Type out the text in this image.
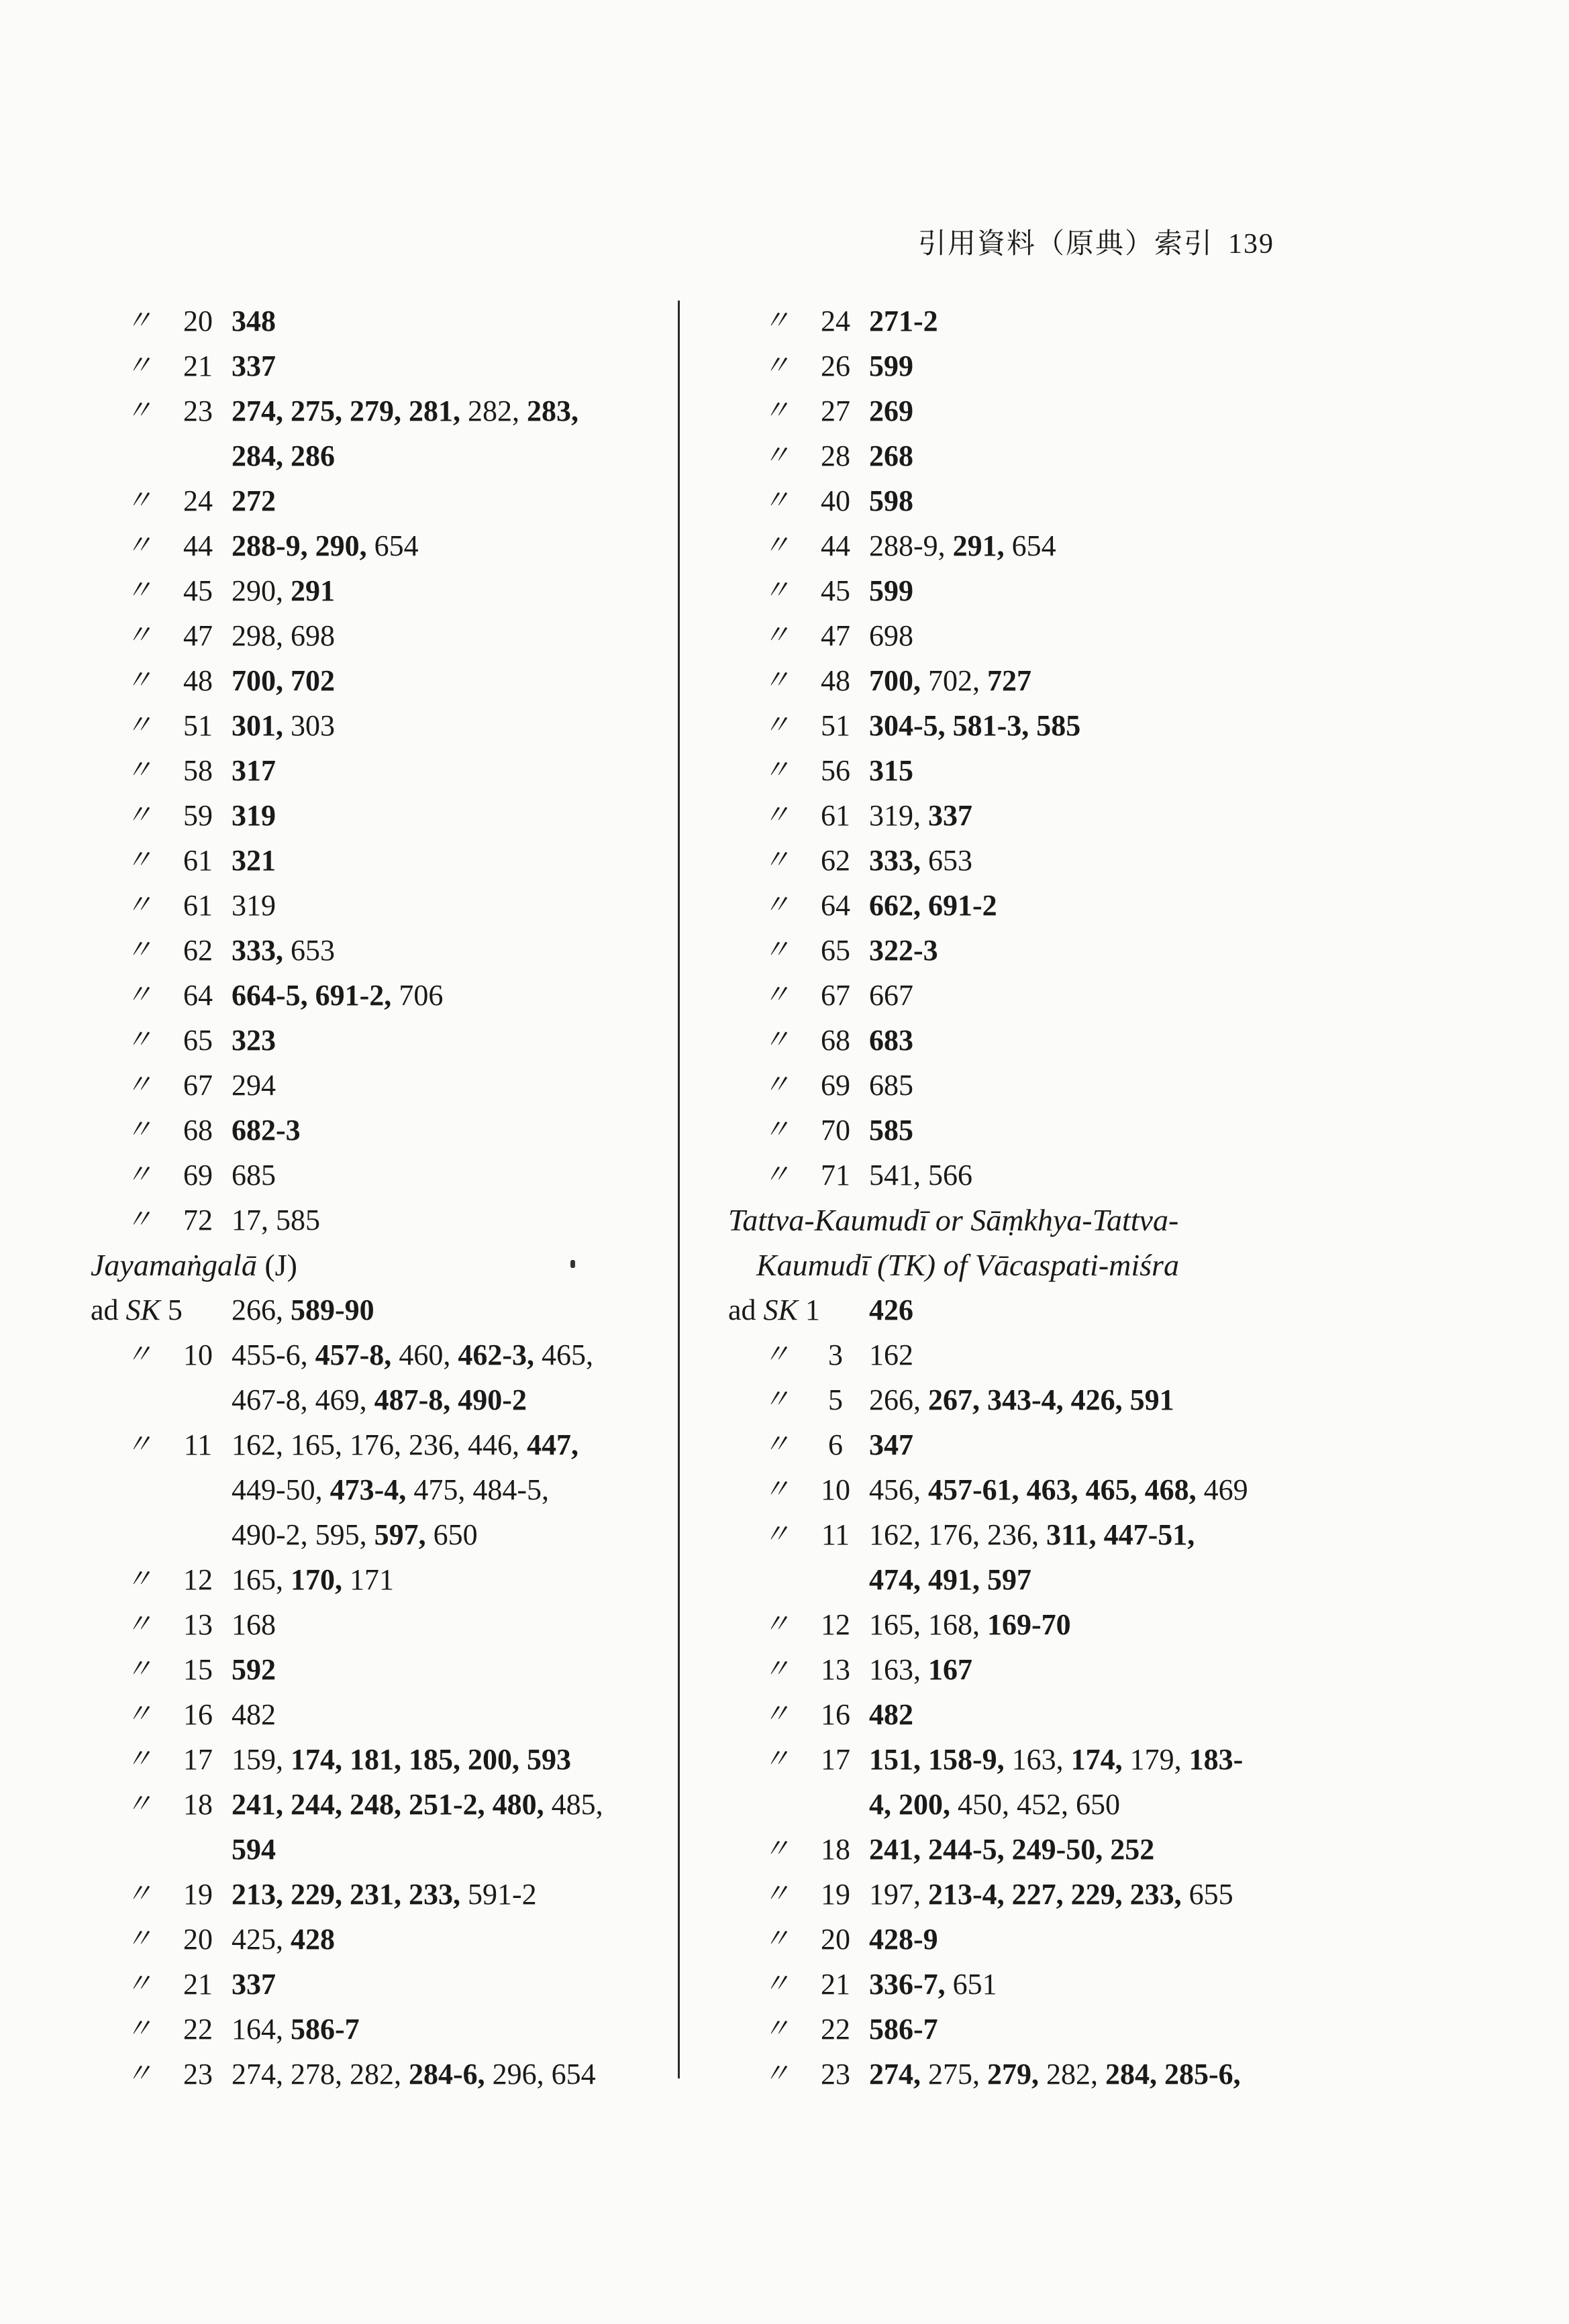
引用資料（原典）索引 139
〃	20 348
〃	21 337
〃	23 274, 275, 279, 281, 282, 283,
284, 286
〃	24 272
〃	44 288-9, 290, 654
〃	45 290, 291
〃	47 298, 698
〃	48 700, 702
〃	51 301, 303
〃	58 317
〃	59 319
〃	61 321
〃	61 319
〃	62 333, 653
〃	64 664-5, 691-2, 706
〃	65 323
〃	67 294
〃	68 682-3
〃	69 685
〃	72 17, 585
Jayamaṅgalā (J)
ad SK 5	266, 589-90
〃	10 455-6, 457-8, 460, 462-3, 465,
467-8, 469, 487-8, 490-2
〃	11 162, 165, 176, 236, 446, 447,
449-50, 473-4, 475, 484-5,
490-2, 595, 597, 650
〃	12 165, 170, 171
〃	13 168
〃	15 592
〃	16 482
〃	17 159, 174, 181, 185, 200, 593
〃	18 241, 244, 248, 251-2, 480, 485,
594
〃	19 213, 229, 231, 233, 591-2
〃	20 425, 428
〃	21 337
〃	22 164, 586-7
〃	23 274, 278, 282, 284-6, 296, 654
〃	24 271-2
〃	26 599
〃	27 269
〃	28 268
〃	40 598
〃	44 288-9, 291, 654
〃	45 599
〃	47 698
〃	48 700, 702, 727
〃	51 304-5, 581-3, 585
〃	56 315
〃	61 319, 337
〃	62 333, 653
〃	64 662, 691-2
〃	65 322-3
〃	67 667
〃	68 683
〃	69 685
〃	70 585
〃	71 541, 566
Tattva-Kaumudī or Sāṃkhya-Tattva-
Kaumudī (TK) of Vācaspati-miśra
ad SK 1	426
〃	3 162
〃	5 266, 267, 343-4, 426, 591
〃	6 347
〃	10 456, 457-61, 463, 465, 468, 469
〃	11 162, 176, 236, 311, 447-51,
474, 491, 597
〃	12 165, 168, 169-70
〃	13 163, 167
〃	16 482
〃	17 151, 158-9, 163, 174, 179, 183-
4, 200, 450, 452, 650
〃	18 241, 244-5, 249-50, 252
〃	19 197, 213-4, 227, 229, 233, 655
〃	20 428-9
〃	21 336-7, 651
〃	22 586-7
〃	23 274, 275, 279, 282, 284, 285-6,
